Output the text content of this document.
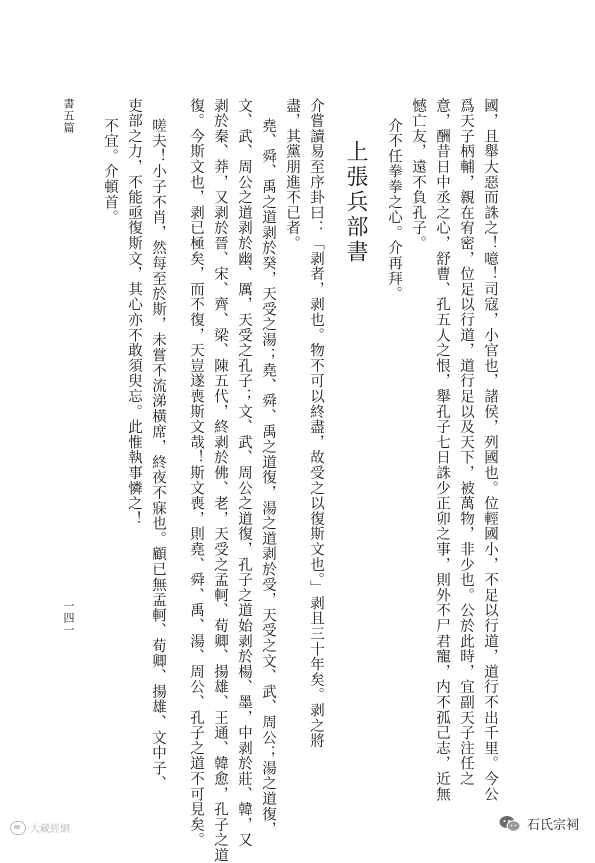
國，且舉大惡而誅之！噫！司寇，小官也，諸侯，列國也。位輕國小，不足以行道，道行不出千里。今公
爲天子柄輔，親在宥密，位足以行道，道行足以及天下，被萬物，非少也。公於此時，宜副天子注任之
意，酬昔日中丞之心，舒曹、孔五人之恨，舉孔子七日誅少正卯之事，則外不尸君寵，内不孤己志，近無
憾亡友，遠不負孔子。
介不任拳拳之心。介再拜。
上張兵部書
介嘗讀易至序卦曰：「剥者，剥也。物不可以終盡，故受之以復斯文也。」剥且三十年矣。剥之將
盡，其黨朋進不已者。
堯、舜、禹之道剥於癸，天受之湯；堯、舜、禹之道復，湯之道剥於受，天受之文、武、周公；湯之道復，
文、武、周公之道剥於幽、厲，天受之孔子；文、武、周公之道復，孔子之道始剥於楊、墨，中剥於莊、韓，又
剥於秦、莽，又剥於晉、宋、齊、梁、陳五代，終剥於佛、老，天受之孟軻、荀卿、揚雄、王通、韓愈，孔子之道
復。今斯文也，剥已極矣，而不復，天豈遂喪斯文哉！斯文喪，則堯、舜、禹、湯、周公、孔子之道不可見矣。
嗟夫！小子不肖，然每至於斯，未嘗不流涕橫席，終夜不寐也。顧已無孟軻、荀卿、揚雄、文中子、
吏部之力，不能亟復斯文，其心亦不敢須臾忘。此惟執事憐之！
不宜。介頓首。
書五篇
一四一
大藏經網	石氏宗祠
